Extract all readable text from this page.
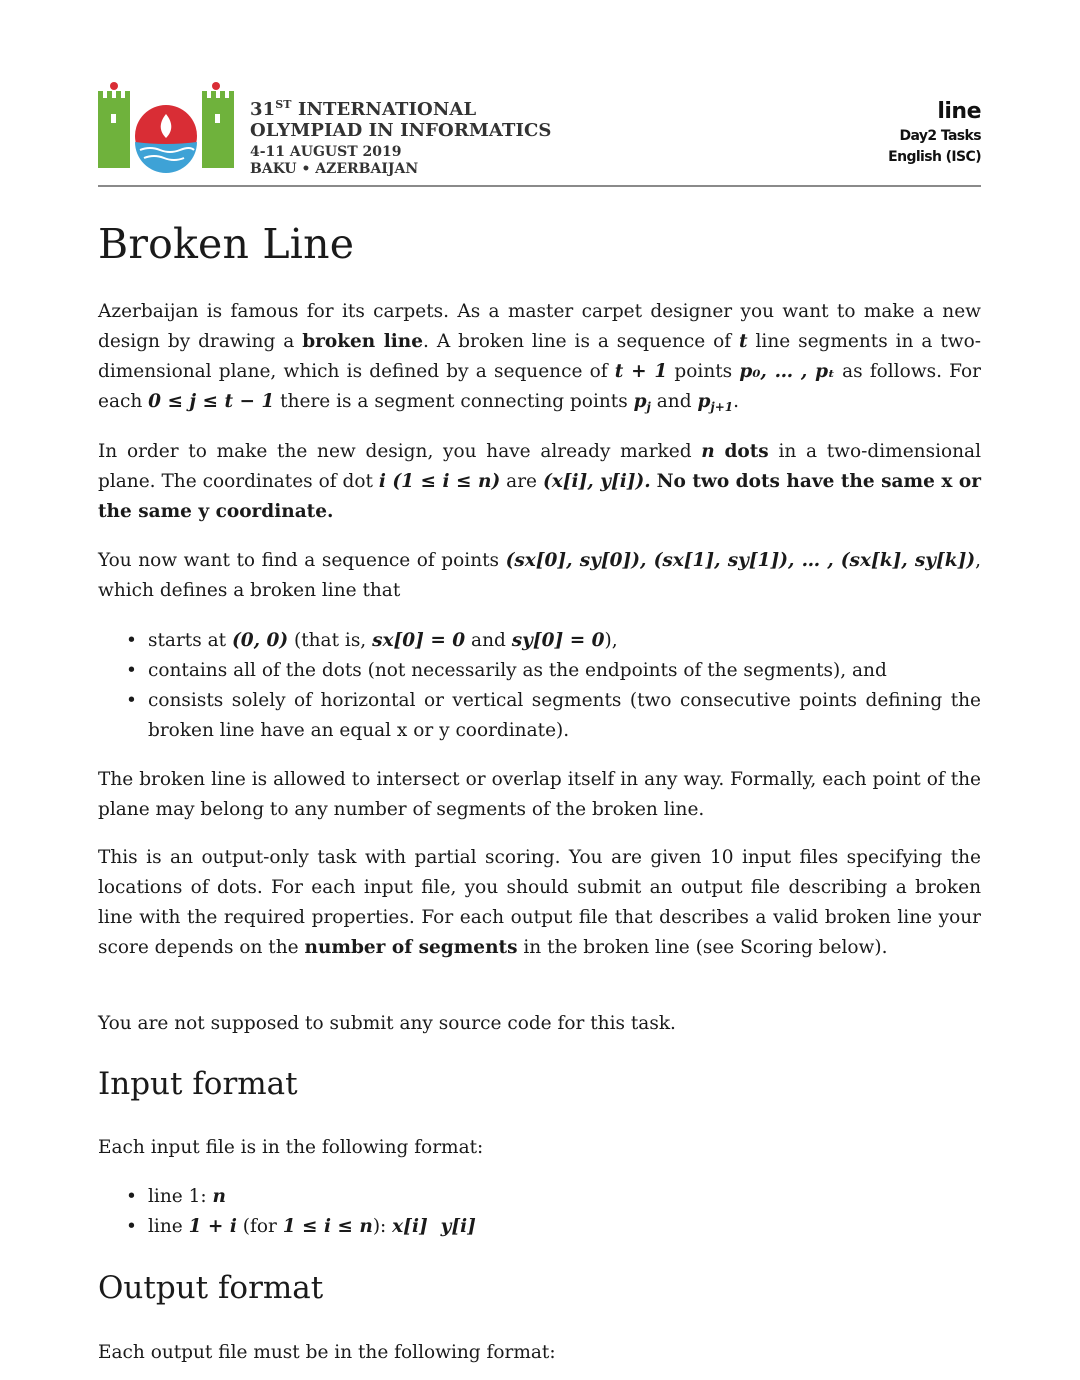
31ST INTERNATIONAL
OLYMPIAD IN INFORMATICS
4-11 AUGUST 2019
BAKU • AZERBAIJAN
line
Day2 Tasks
English (ISC)
Broken Line

Azerbaijan is famous for its carpets. As a master carpet designer you want to make a new design by drawing a broken line. A broken line is a sequence of t line segments in a two-dimensional plane, which is defined by a sequence of t + 1 points p₀, … , pₜ as follows. For each 0 ≤ j ≤ t − 1 there is a segment connecting points $p_j$ and $p_{j+1}$.

In order to make the new design, you have already marked n dots in a two-dimensional plane. The coordinates of dot i (1 ≤ i ≤ n) are (x[i], y[i]). No two dots have the same x or the same y coordinate.

You now want to find a sequence of points (sx[0], sy[0]), (sx[1], sy[1]), … , (sx[k], sy[k]), which defines a broken line that

• starts at (0, 0) (that is, sx[0] = 0 and sy[0] = 0),
• contains all of the dots (not necessarily as the endpoints of the segments), and
• consists solely of horizontal or vertical segments (two consecutive points defining the broken line have an equal x or y coordinate).

The broken line is allowed to intersect or overlap itself in any way. Formally, each point of the plane may belong to any number of segments of the broken line.

This is an output-only task with partial scoring. You are given 10 input files specifying the locations of dots. For each input file, you should submit an output file describing a broken line with the required properties. For each output file that describes a valid broken line your score depends on the number of segments in the broken line (see Scoring below).

You are not supposed to submit any source code for this task.

Input format

Each input file is in the following format:

• line 1: n
• line 1 + i (for 1 ≤ i ≤ n): x[i]  y[i]
Output format

Each output file must be in the following format:
